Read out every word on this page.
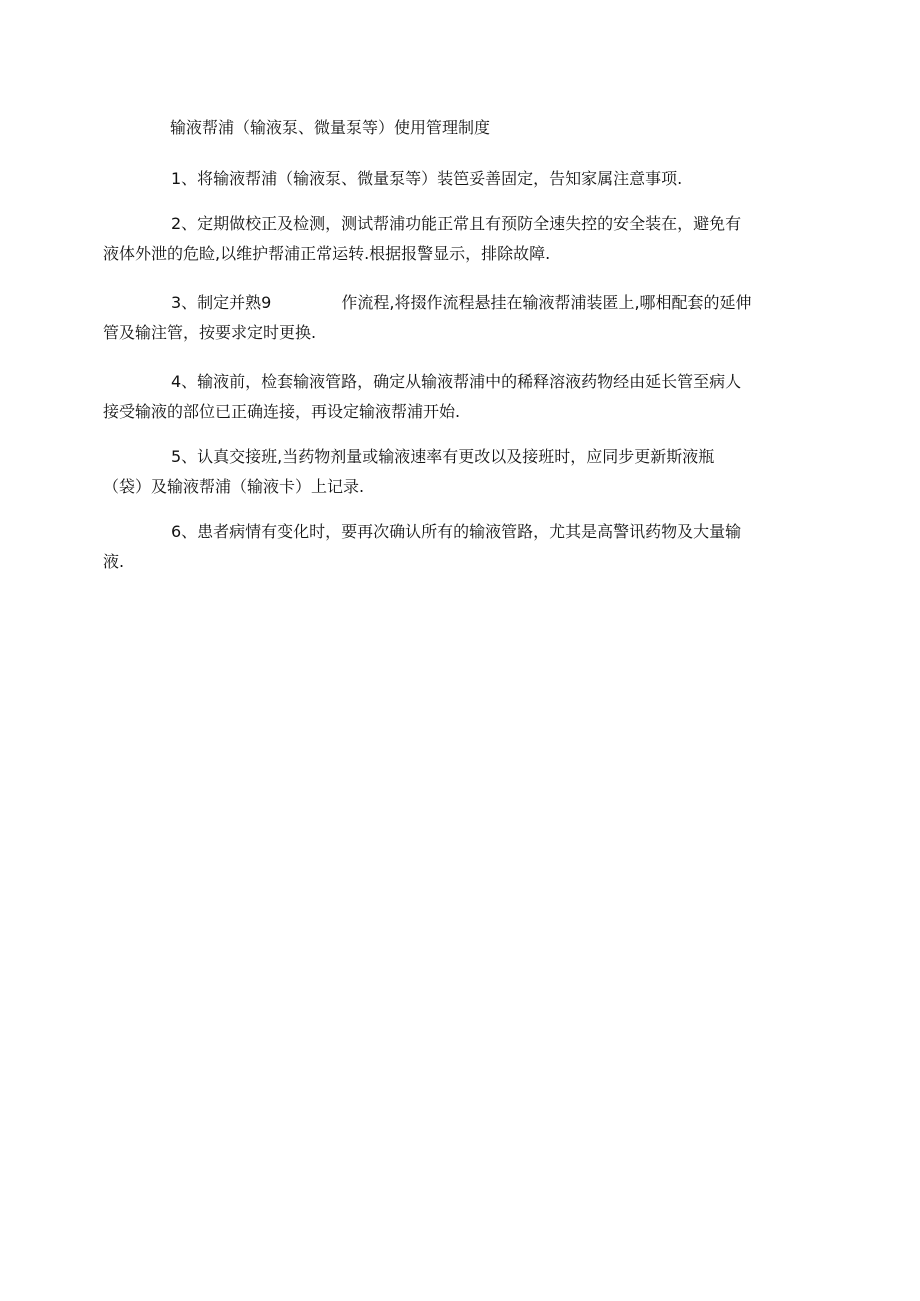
输液帮浦（输液泵、微量泵等）使用管理制度

1、将输液帮浦（输液泵、微量泵等）装笆妥善固定，告知家属注意事项.

2、定期做校正及检测，测试帮浦功能正常且有预防全速失控的安全装在，避免有
液体外泄的危睑,以维护帮浦正常运转.根据报警显示，排除故障.

3、制定并熟9	作流程,将掇作流程悬挂在输液帮浦装匿上,哪相配套的延伸
管及输注管，按要求定时更换.

4、输液前，检套输液管路，确定从输液帮浦中的稀释溶液药物经由延长管至病人
接受输液的部位已正确连接，再设定输液帮浦开始.

5、认真交接班,当药物剂量或输液速率有更改以及接班时，应同步更新斯液瓶
（袋）及输液帮浦（输液卡）上记录.

6、患者病情有变化时，要再次确认所有的输液管路，尤其是高警讯药物及大量输
液.
